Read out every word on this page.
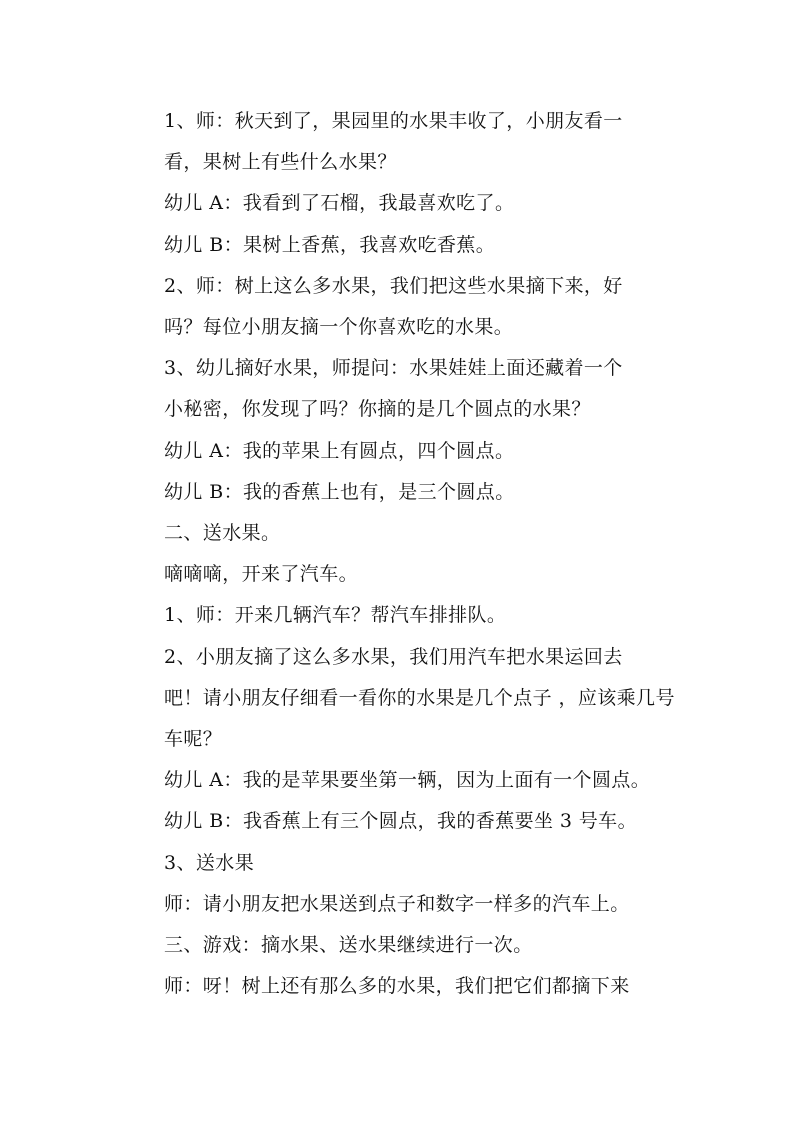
1、师：秋天到了，果园里的水果丰收了，小朋友看一
看，果树上有些什么水果？

幼儿 A：我看到了石榴，我最喜欢吃了。

幼儿 B：果树上香蕉，我喜欢吃香蕉。

2、师：树上这么多水果，我们把这些水果摘下来，好
吗？每位小朋友摘一个你喜欢吃的水果。

3、幼儿摘好水果，师提问：水果娃娃上面还藏着一个
小秘密，你发现了吗？你摘的是几个圆点的水果？

幼儿 A：我的苹果上有圆点，四个圆点。

幼儿 B：我的香蕉上也有，是三个圆点。

二、送水果。

嘀嘀嘀，开来了汽车。

1、师：开来几辆汽车？帮汽车排排队。

2、小朋友摘了这么多水果，我们用汽车把水果运回去
吧！请小朋友仔细看一看你的水果是几个点子 ，应该乘几号
车呢？

幼儿 A：我的是苹果要坐第一辆，因为上面有一个圆点。

幼儿 B：我香蕉上有三个圆点，我的香蕉要坐 3 号车。

3、送水果

师：请小朋友把水果送到点子和数字一样多的汽车上。

三、游戏：摘水果、送水果继续进行一次。

师：呀！树上还有那么多的水果，我们把它们都摘下来
